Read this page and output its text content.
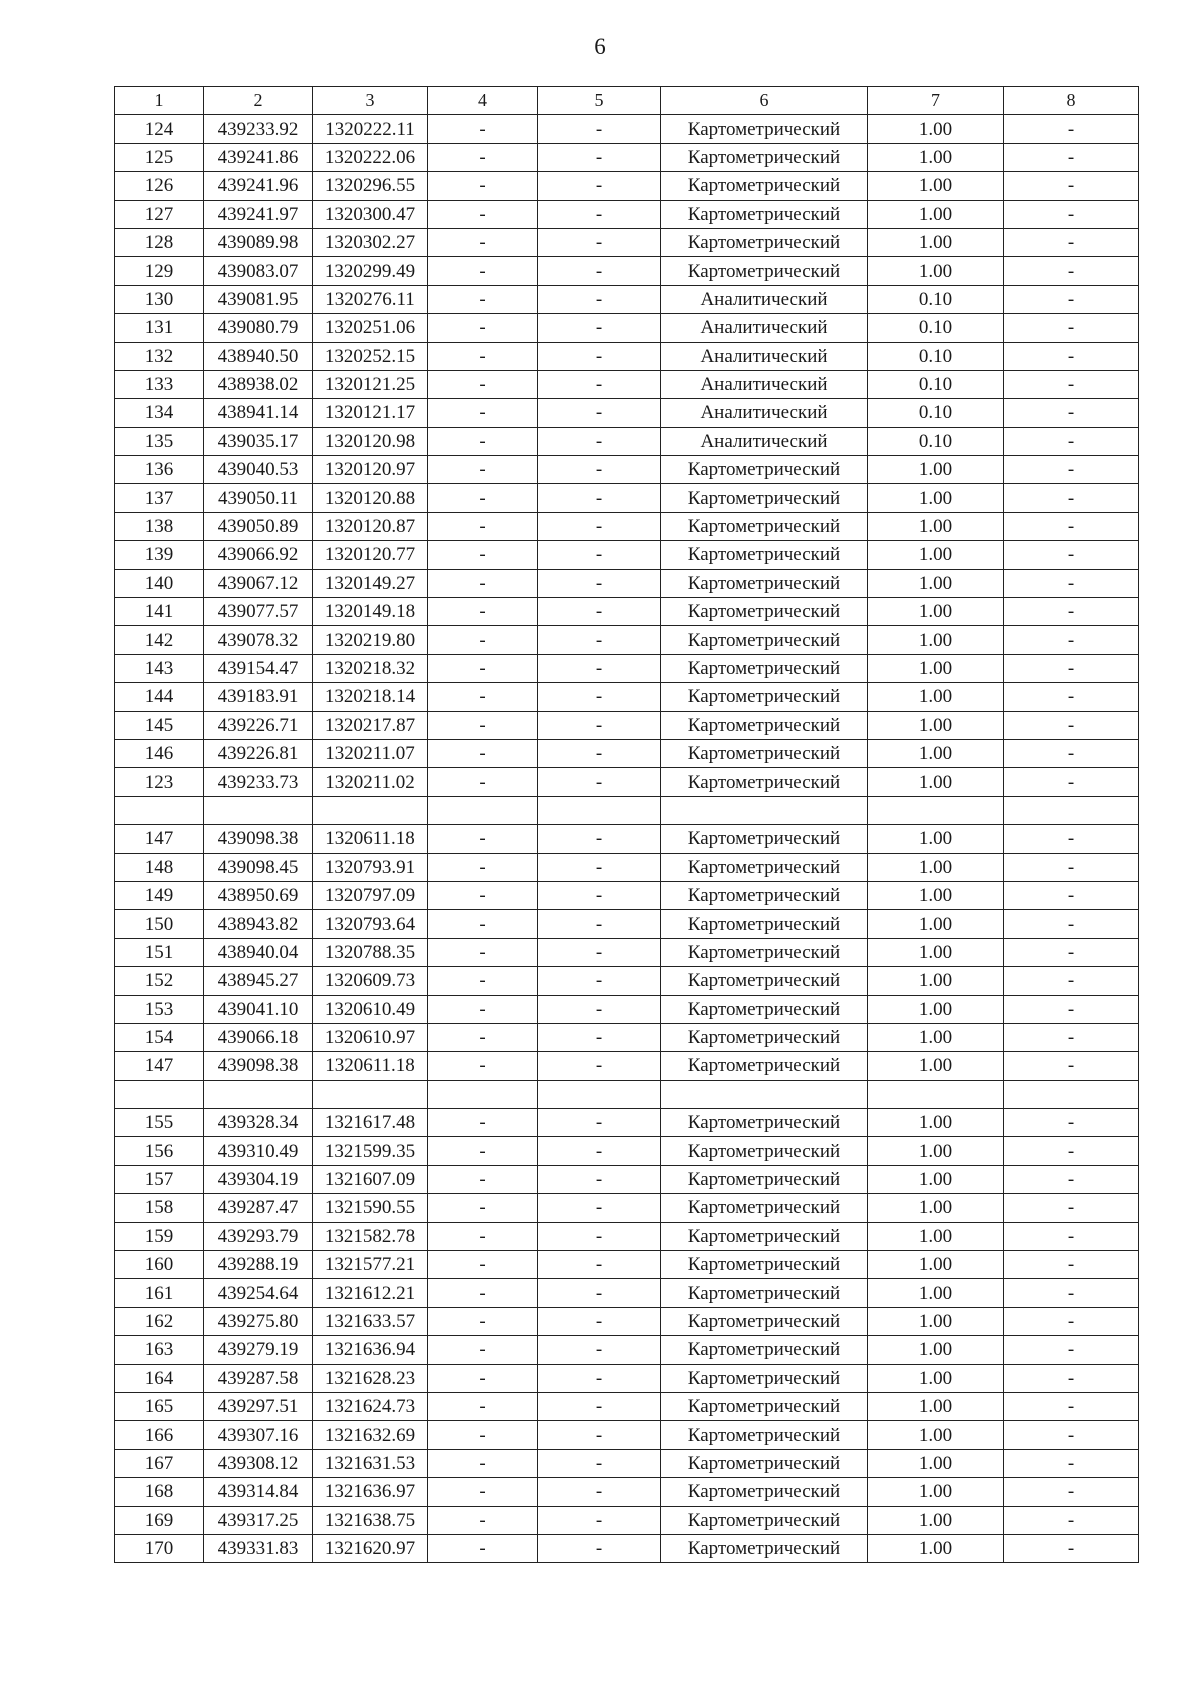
6
1	2	3	4	5	6	7	8
124	439233.92	1320222.11	-	-	Картометрический	1.00	-
125	439241.86	1320222.06	-	-	Картометрический	1.00	-
126	439241.96	1320296.55	-	-	Картометрический	1.00	-
127	439241.97	1320300.47	-	-	Картометрический	1.00	-
128	439089.98	1320302.27	-	-	Картометрический	1.00	-
129	439083.07	1320299.49	-	-	Картометрический	1.00	-
130	439081.95	1320276.11	-	-	Аналитический	0.10	-
131	439080.79	1320251.06	-	-	Аналитический	0.10	-
132	438940.50	1320252.15	-	-	Аналитический	0.10	-
133	438938.02	1320121.25	-	-	Аналитический	0.10	-
134	438941.14	1320121.17	-	-	Аналитический	0.10	-
135	439035.17	1320120.98	-	-	Аналитический	0.10	-
136	439040.53	1320120.97	-	-	Картометрический	1.00	-
137	439050.11	1320120.88	-	-	Картометрический	1.00	-
138	439050.89	1320120.87	-	-	Картометрический	1.00	-
139	439066.92	1320120.77	-	-	Картометрический	1.00	-
140	439067.12	1320149.27	-	-	Картометрический	1.00	-
141	439077.57	1320149.18	-	-	Картометрический	1.00	-
142	439078.32	1320219.80	-	-	Картометрический	1.00	-
143	439154.47	1320218.32	-	-	Картометрический	1.00	-
144	439183.91	1320218.14	-	-	Картометрический	1.00	-
145	439226.71	1320217.87	-	-	Картометрический	1.00	-
146	439226.81	1320211.07	-	-	Картометрический	1.00	-
123	439233.73	1320211.02	-	-	Картометрический	1.00	-

147	439098.38	1320611.18	-	-	Картометрический	1.00	-
148	439098.45	1320793.91	-	-	Картометрический	1.00	-
149	438950.69	1320797.09	-	-	Картометрический	1.00	-
150	438943.82	1320793.64	-	-	Картометрический	1.00	-
151	438940.04	1320788.35	-	-	Картометрический	1.00	-
152	438945.27	1320609.73	-	-	Картометрический	1.00	-
153	439041.10	1320610.49	-	-	Картометрический	1.00	-
154	439066.18	1320610.97	-	-	Картометрический	1.00	-
147	439098.38	1320611.18	-	-	Картометрический	1.00	-

155	439328.34	1321617.48	-	-	Картометрический	1.00	-
156	439310.49	1321599.35	-	-	Картометрический	1.00	-
157	439304.19	1321607.09	-	-	Картометрический	1.00	-
158	439287.47	1321590.55	-	-	Картометрический	1.00	-
159	439293.79	1321582.78	-	-	Картометрический	1.00	-
160	439288.19	1321577.21	-	-	Картометрический	1.00	-
161	439254.64	1321612.21	-	-	Картометрический	1.00	-
162	439275.80	1321633.57	-	-	Картометрический	1.00	-
163	439279.19	1321636.94	-	-	Картометрический	1.00	-
164	439287.58	1321628.23	-	-	Картометрический	1.00	-
165	439297.51	1321624.73	-	-	Картометрический	1.00	-
166	439307.16	1321632.69	-	-	Картометрический	1.00	-
167	439308.12	1321631.53	-	-	Картометрический	1.00	-
168	439314.84	1321636.97	-	-	Картометрический	1.00	-
169	439317.25	1321638.75	-	-	Картометрический	1.00	-
170	439331.83	1321620.97	-	-	Картометрический	1.00	-
